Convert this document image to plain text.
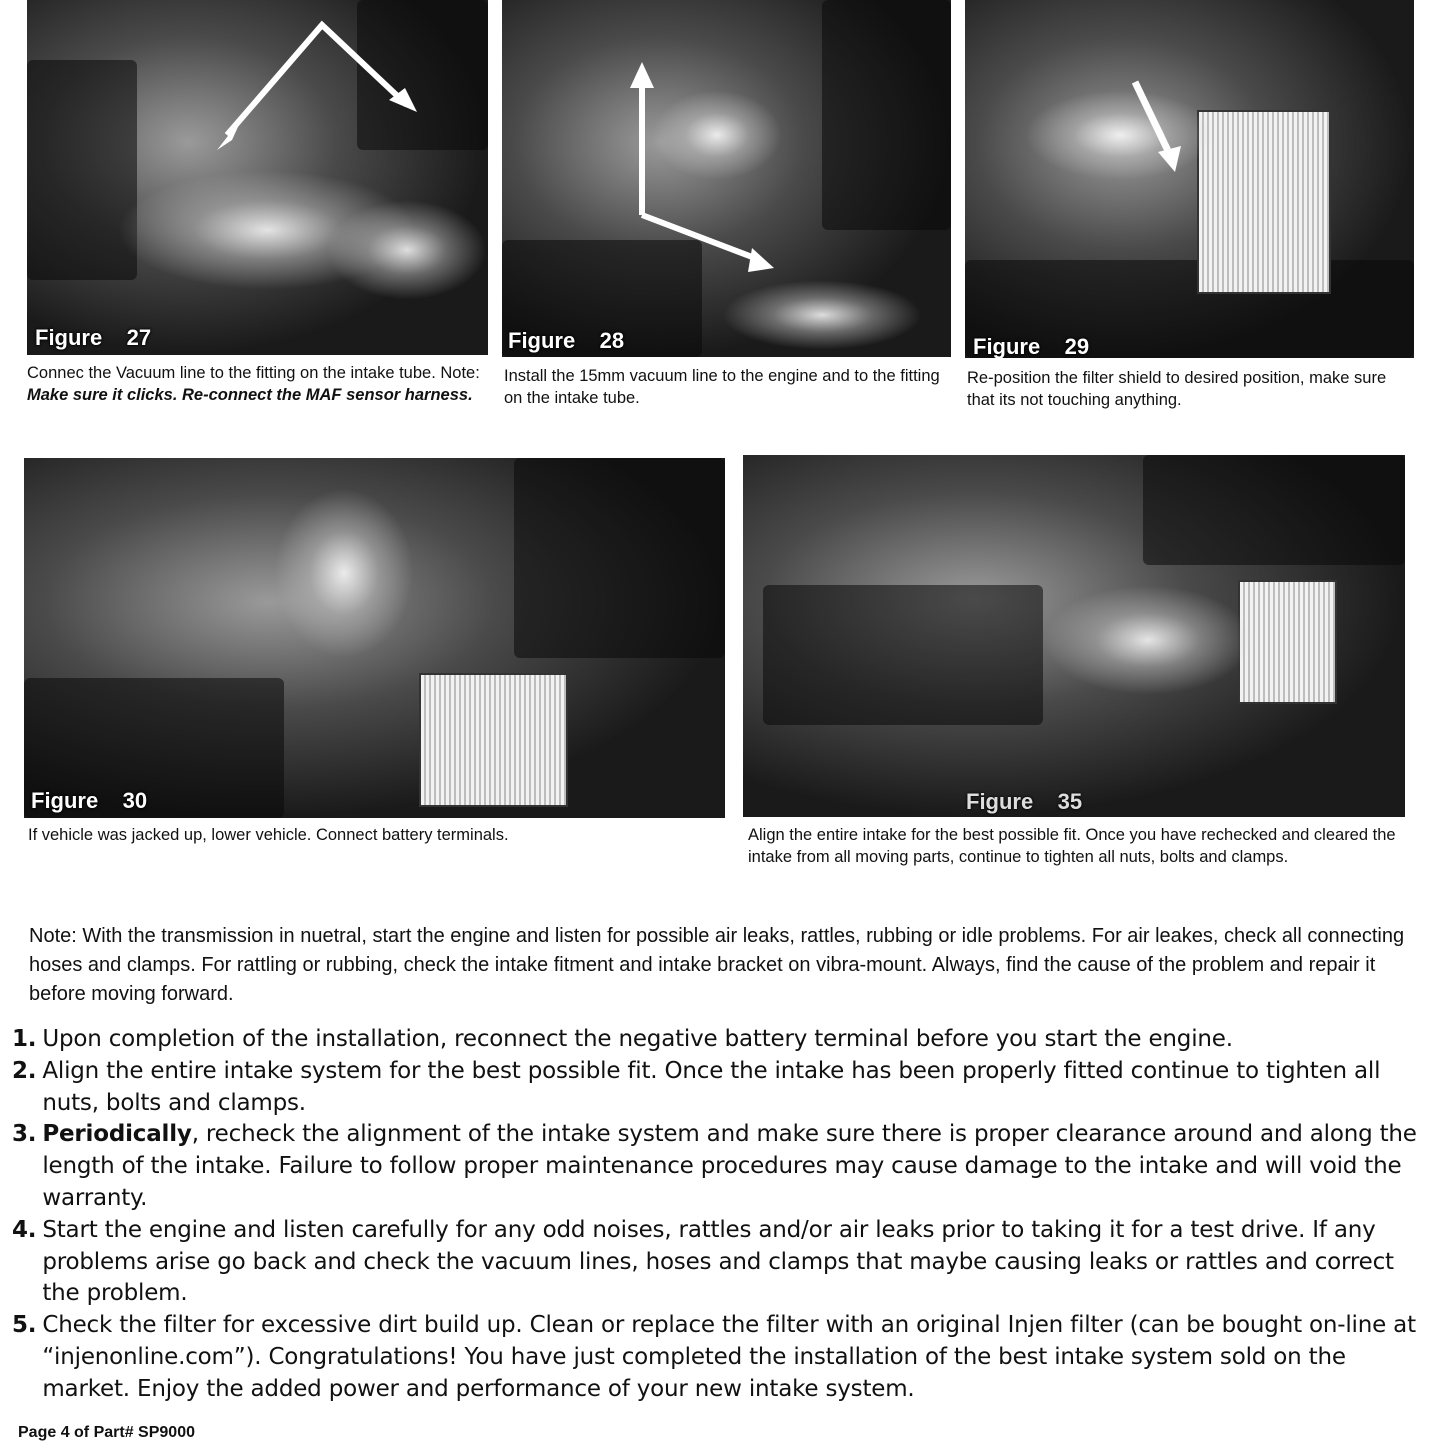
Figure    27
Connec the Vacuum line to the fitting on the intake tube. Note: Make sure it clicks. Re-connect the MAF sensor harness.
Figure    28
Install the 15mm vacuum line to the engine and to the fitting on the intake tube.
Figure    29
Re-position the filter shield to desired position, make sure that its not touching anything.
Figure    30
If vehicle was jacked up, lower vehicle. Connect battery terminals.
Figure    35
Align the entire intake for the best possible fit. Once you have rechecked and cleared the intake from all moving parts, continue to tighten all nuts, bolts and clamps.
Note: With the transmission in nuetral, start the engine and listen for possible air leaks, rattles, rubbing or idle problems. For air leakes, check all connecting hoses and clamps. For rattling or rubbing, check the intake fitment and intake bracket on vibra-mount. Always, find the cause of the problem and repair it before moving forward.
1. Upon completion of the installation, reconnect the negative battery terminal before you start the engine.
2. Align the entire intake system for the best possible fit. Once the intake has been properly fitted continue to tighten all nuts, bolts and clamps.
3. Periodically, recheck the alignment of the intake system and make sure there is proper clearance around and along the length of the intake. Failure to follow proper maintenance procedures may cause damage to the intake and will void the warranty.
4. Start the engine and listen carefully for any odd noises, rattles and/or air leaks prior to taking it for a test drive. If any problems arise go back and check the vacuum lines, hoses and clamps that maybe causing leaks or rattles and correct the problem.
5. Check the filter for excessive dirt build up. Clean or replace the filter with an original Injen filter (can be bought on-line at “injenonline.com”). Congratulations! You have just completed the installation of the best intake system sold on the market. Enjoy the added power and performance of your new intake system.
Page 4 of Part# SP9000
